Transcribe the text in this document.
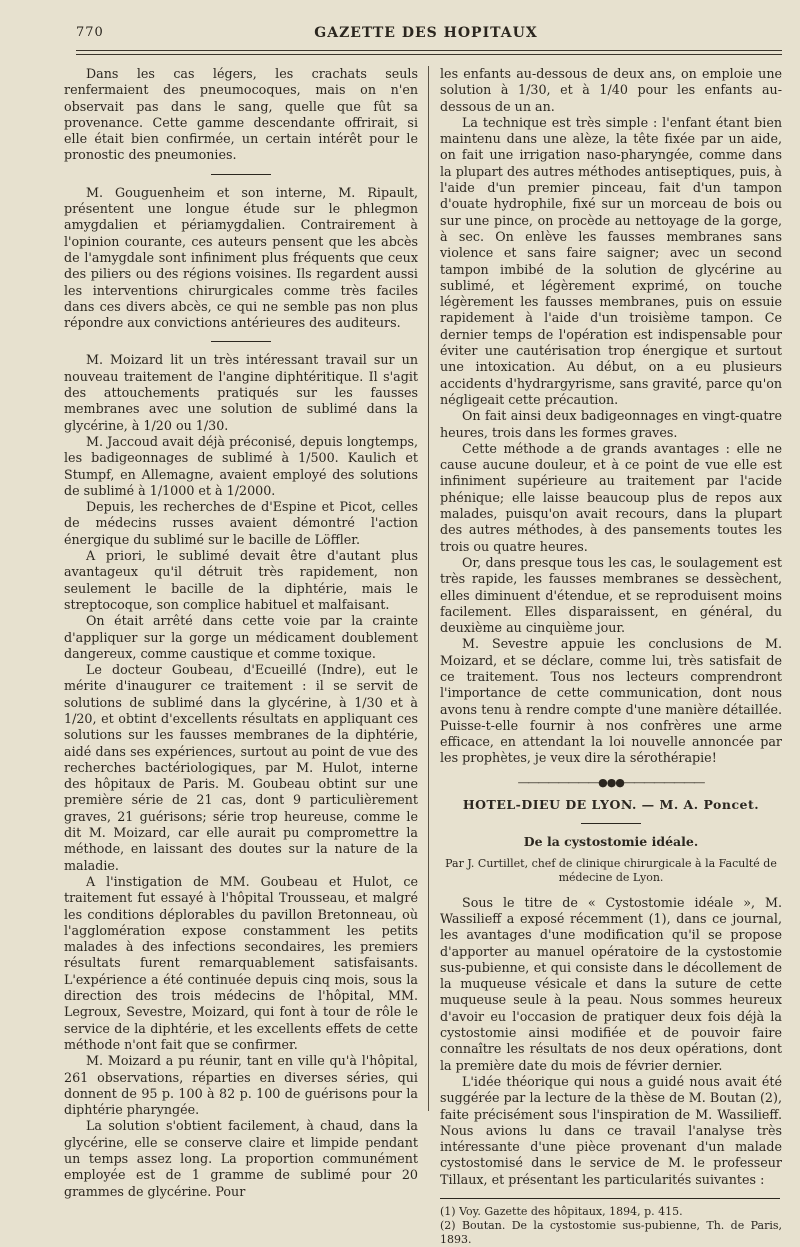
770	GAZETTE DES HOPITAUX

Dans les cas légers, les crachats seuls renfermaient des pneumocoques, mais on n'en observait pas dans le sang, quelle que fût sa provenance. Cette gamme descendante offrirait, si elle était bien confirmée, un certain intérêt pour le pronostic des pneumonies.

M. Gouguenheim et son interne, M. Ripault, présentent une longue étude sur le phlegmon amygdalien et périamygdalien. Contrairement à l'opinion courante, ces auteurs pensent que les abcès de l'amygdale sont infiniment plus fréquents que ceux des piliers ou des régions voisines. Ils regardent aussi les interventions chirurgicales comme très faciles dans ces divers abcès, ce qui ne semble pas non plus répondre aux convictions antérieures des auditeurs.

M. Moizard lit un très intéressant travail sur un nouveau traitement de l'angine diphtéritique. Il s'agit des attouchements pratiqués sur les fausses membranes avec une solution de sublimé dans la glycérine, à 1/20 ou 1/30.

M. Jaccoud avait déjà préconisé, depuis longtemps, les badigeonnages de sublimé à 1/500. Kaulich et Stumpf, en Allemagne, avaient employé des solutions de sublimé à 1/1000 et à 1/2000.

Depuis, les recherches de d'Espine et Picot, celles de médecins russes avaient démontré l'action énergique du sublimé sur le bacille de Löffler.

A priori, le sublimé devait être d'autant plus avantageux qu'il détruit très rapidement, non seulement le bacille de la diphtérie, mais le streptocoque, son complice habituel et malfaisant.

On était arrêté dans cette voie par la crainte d'appliquer sur la gorge un médicament doublement dangereux, comme caustique et comme toxique.

Le docteur Goubeau, d'Ecueillé (Indre), eut le mérite d'inaugurer ce traitement : il se servit de solutions de sublimé dans la glycérine, à 1/30 et à 1/20, et obtint d'excellents résultats en appliquant ces solutions sur les fausses membranes de la diphtérie, aidé dans ses expériences, surtout au point de vue des recherches bactériologiques, par M. Hulot, interne des hôpitaux de Paris. M. Goubeau obtint sur une première série de 21 cas, dont 9 particulièrement graves, 21 guérisons; série trop heureuse, comme le dit M. Moizard, car elle aurait pu compromettre la méthode, en laissant des doutes sur la nature de la maladie.

A l'instigation de MM. Goubeau et Hulot, ce traitement fut essayé à l'hôpital Trousseau, et malgré les conditions déplorables du pavillon Bretonneau, où l'agglomération expose constamment les petits malades à des infections secondaires, les premiers résultats furent remarquablement satisfaisants. L'expérience a été continuée depuis cinq mois, sous la direction des trois médecins de l'hôpital, MM. Legroux, Sevestre, Moizard, qui font à tour de rôle le service de la diphtérie, et les excellents effets de cette méthode n'ont fait que se confirmer.

M. Moizard a pu réunir, tant en ville qu'à l'hôpital, 261 observations, réparties en diverses séries, qui donnent de 95 p. 100 à 82 p. 100 de guérisons pour la diphtérie pharyngée.

La solution s'obtient facilement, à chaud, dans la glycérine, elle se conserve claire et limpide pendant un temps assez long. La proportion communément employée est de 1 gramme de sublimé pour 20 grammes de glycérine. Pour

les enfants au-dessous de deux ans, on emploie une solution à 1/30, et à 1/40 pour les enfants au-dessous de un an.

La technique est très simple : l'enfant étant bien maintenu dans une alèze, la tête fixée par un aide, on fait une irrigation naso-pharyngée, comme dans la plupart des autres méthodes antiseptiques, puis, à l'aide d'un premier pinceau, fait d'un tampon d'ouate hydrophile, fixé sur un morceau de bois ou sur une pince, on procède au nettoyage de la gorge, à sec. On enlève les fausses membranes sans violence et sans faire saigner; avec un second tampon imbibé de la solution de glycérine au sublimé, et légèrement exprimé, on touche légèrement les fausses membranes, puis on essuie rapidement à l'aide d'un troisième tampon. Ce dernier temps de l'opération est indispensable pour éviter une cautérisation trop énergique et surtout une intoxication. Au début, on a eu plusieurs accidents d'hydrargyrisme, sans gravité, parce qu'on négligeait cette précaution.

On fait ainsi deux badigeonnages en vingt-quatre heures, trois dans les formes graves.

Cette méthode a de grands avantages : elle ne cause aucune douleur, et à ce point de vue elle est infiniment supérieure au traitement par l'acide phénique; elle laisse beaucoup plus de repos aux malades, puisqu'on avait recours, dans la plupart des autres méthodes, à des pansements toutes les trois ou quatre heures.

Or, dans presque tous les cas, le soulagement est très rapide, les fausses membranes se dessèchent, elles diminuent d'étendue, et se reproduisent moins facilement. Elles disparaissent, en général, du deuxième au cinquième jour.

M. Sevestre appuie les conclusions de M. Moizard, et se déclare, comme lui, très satisfait de ce traitement. Tous nos lecteurs comprendront l'importance de cette communication, dont nous avons tenu à rendre compte d'une manière détaillée. Puisse-t-elle fournir à nos confrères une arme efficace, en attendant la loi nouvelle annoncée par les prophètes, je veux dire la sérothérapie!

――――――――●●●――――――――
HOTEL-DIEU DE LYON. — M. A. Poncet.
De la cystostomie idéale.
Par J. Curtillet, chef de clinique chirurgicale à la Faculté de médecine de Lyon.

Sous le titre de « Cystostomie idéale », M. Wassilieff a exposé récemment (1), dans ce journal, les avantages d'une modification qu'il se propose d'apporter au manuel opératoire de la cystostomie sus-pubienne, et qui consiste dans le décollement de la muqueuse vésicale et dans la suture de cette muqueuse seule à la peau. Nous sommes heureux d'avoir eu l'occasion de pratiquer deux fois déjà la cystostomie ainsi modifiée et de pouvoir faire connaître les résultats de nos deux opérations, dont la première date du mois de février dernier.

L'idée théorique qui nous a guidé nous avait été suggérée par la lecture de la thèse de M. Boutan (2), faite précisément sous l'inspiration de M. Wassilieff. Nous avions lu dans ce travail l'analyse très intéressante d'une pièce provenant d'un malade cystostomisé dans le service de M. le professeur Tillaux, et présentant les particularités suivantes :

(1) Voy. Gazette des hôpitaux, 1894, p. 415.

(2) Boutan. De la cystostomie sus-pubienne, Th. de Paris, 1893.
